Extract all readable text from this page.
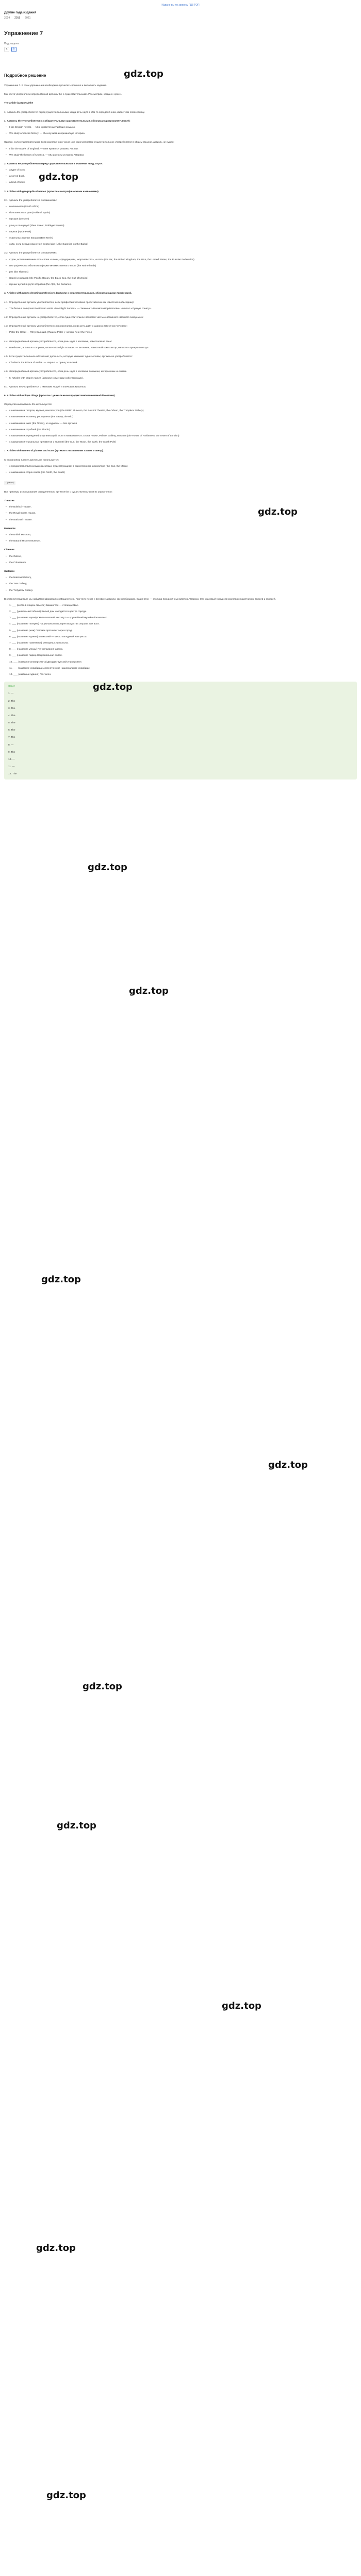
Издано вы по запросу ГДЗ ТОП
Другие года изданий
2014 2019 2021
Упражнение 7
Подразделы
a	b
Подробное решение
Упражнение 7. В этом упражнении необходимо прочитать правило и выполнить задания.
Мы часто употребляем определённый артикль the с существительными. Рассмотрим, когда он нужен.
The article (артикль) the
1) Артикль the употребляется перед существительными, когда речь идёт о чём-то определённом, известном собеседнику.
1. Артикль the употребляется с собирательными существительными, обозначающими группу людей:
• I like English novels. — Мне нравятся английские романы.
• We study American history. — Мы изучаем американскую историю.
Однако, если существительное во множественном числе или неисчисляемое существительное употребляется в общем смысле, артикль не нужен:
• I like the novels of England. — Мне нравятся романы Англии.
• We study the history of America. — Мы изучаем историю Америки.
2. Артикль не употребляется перед существительными в значении «вид, сорт»:
• a type of book,
• a sort of book,
• a kind of book.
3. Articles with geographical names (артикли с географическими названиями).
3.1. Артикль the употребляется с названиями:
• континентов (South Africa)
• большинства стран (Holland, Spain)
• городов (London)
• улиц и площадей (Fleet Street, Trafalgar Square)
• парков (Hyde Park)
• отдельных горных вершин (Ben Nevis)
• озёр, если перед ними стоит слово lake (Lake Superior, но the Baikal)
3.2. Артикль the употребляется с названиями:
• стран, если в названии есть слова «союз», «федерация», «королевство», «штат» (the UK, the United Kingdom, the USA, the United States, the Russian Federation)
• географических объектов в форме множественного числа (the Netherlands)
• рек (the Thames)
• морей и океанов (the Pacific Ocean, the Black Sea, the Gulf of Mexico)
• горных цепей и групп островов (the Alps, the Canaries)
4. Articles with nouns denoting professions (артикли с существительными, обозначающими профессии).
4.1. Определённый артикль употребляется, если профессия человека представлена как известная собеседнику:
• The famous composer Beethoven wrote «Moonlight Sonata». — Знаменитый композитор Бетховен написал «Лунную сонату».
4.2. Определённый артикль не употребляется, если существительное является частью составного именного сказуемого:
4.3. Определённый артикль употребляется с приложением, когда речь идёт о широко известном человеке:
• Peter the Great — Пётр Великий. (Пишем Peter I, читаем Peter the First.)
4.4. Неопределённый артикль употребляется, если речь идёт о человеке, известном не всем:
• Beethoven, a famous composer, wrote «Moonlight Sonata». — Бетховен, известный композитор, написал «Лунную сонату».
4.5. Если существительное обозначает должность, которую занимает один человек, артикль не употребляется:
• Charles is the Prince of Wales. — Чарльз — принц Уэльский.
4.6. Неопределённый артикль употребляется, если речь идёт о человеке по имени, которого мы не знаем.
• 5. Articles with proper names (артикли с именами собственными).
5.1. Артикль не употребляется с именами людей и кличками животных.
6. Articles with unique things (артикли с уникальными предметами/явлениями/объектами).
Определённый артикль the используется:
• с названиями театров, музеев, кинотеатров (the British Museum, the Bolshoi Theatre, the Odeon, the Tretyakov Gallery)
• с названиями гостиниц, ресторанов (the Savoy, the Ritz)
• с названиями газет (the Times), но журналы — без артикля
• с названиями кораблей (the Titanic)
• с названиями учреждений и организаций, если в названии есть слова House, Palace, Gallery, Museum (the House of Parliament, the Tower of London)
• с названиями уникальных предметов и явлений (the Sun, the Moon, the Earth, the South Pole)
7. Articles with names of planets and stars (артикли с названиями планет и звёзд).
С названиями планет артикль не используется:
• с предметами/явлениями/объектами, существующими в единственном экземпляре (the Sun, the Moon)
• с названиями сторон света (the North, the South)
Пример
Вот примеры использования определённого артикля the с существительными из упражнения:
Theatres
• the Bolshoi Theatre,
• the Royal Opera House,
• the National Theatre.
Museums
• the British Museum,
• the Natural History Museum.
Cinemas
• the Odeon,
• the Colosseum.
Galleries
• the National Gallery,
• the Tate Gallery,
• the Tretyakov Gallery.
В этом путеводителе мы найдём информацию о Вашингтоне. Прочтите текст и вставьте артикли, где необходимо. Вашингтон — столица Соединённых Штатов Америки. Это красивый город с множеством памятников, музеев и галерей.
1. ___ (место в общем смысле) Вашингтон — столица США.
2. ___ (уникальный объект) Белый дом находится в центре города.
3. ___ (название музея) Смитсоновский институт — крупнейший музейный комплекс.
4. ___ (название галереи) Национальная галерея искусства открыта для всех.
5. ___ (название реки) Потомак протекает через город.
6. ___ (название здания) Капитолий — место заседаний Конгресса.
7. ___ (название памятника) Мемориал Линкольна.
8. ___ (название улицы) Пенсильвания-авеню.
9. ___ (название парка) Национальная аллея.
10. ___ (название университета) Джорджтаунский университет.
11. ___ (название кладбища) Арлингтонское национальное кладбище.
12. ___ (название здания) Пентагон.
Ответ
1. —
2. The
3. The
4. The
5. The
6. The
7. The
8. —
9. The
10. —
11. —
12. The
gdz.top
gdz.top
gdz.top
gdz.top
gdz.top
gdz.top
gdz.top
gdz.top
gdz.top
gdz.top
gdz.top
gdz.top
gdz.top
